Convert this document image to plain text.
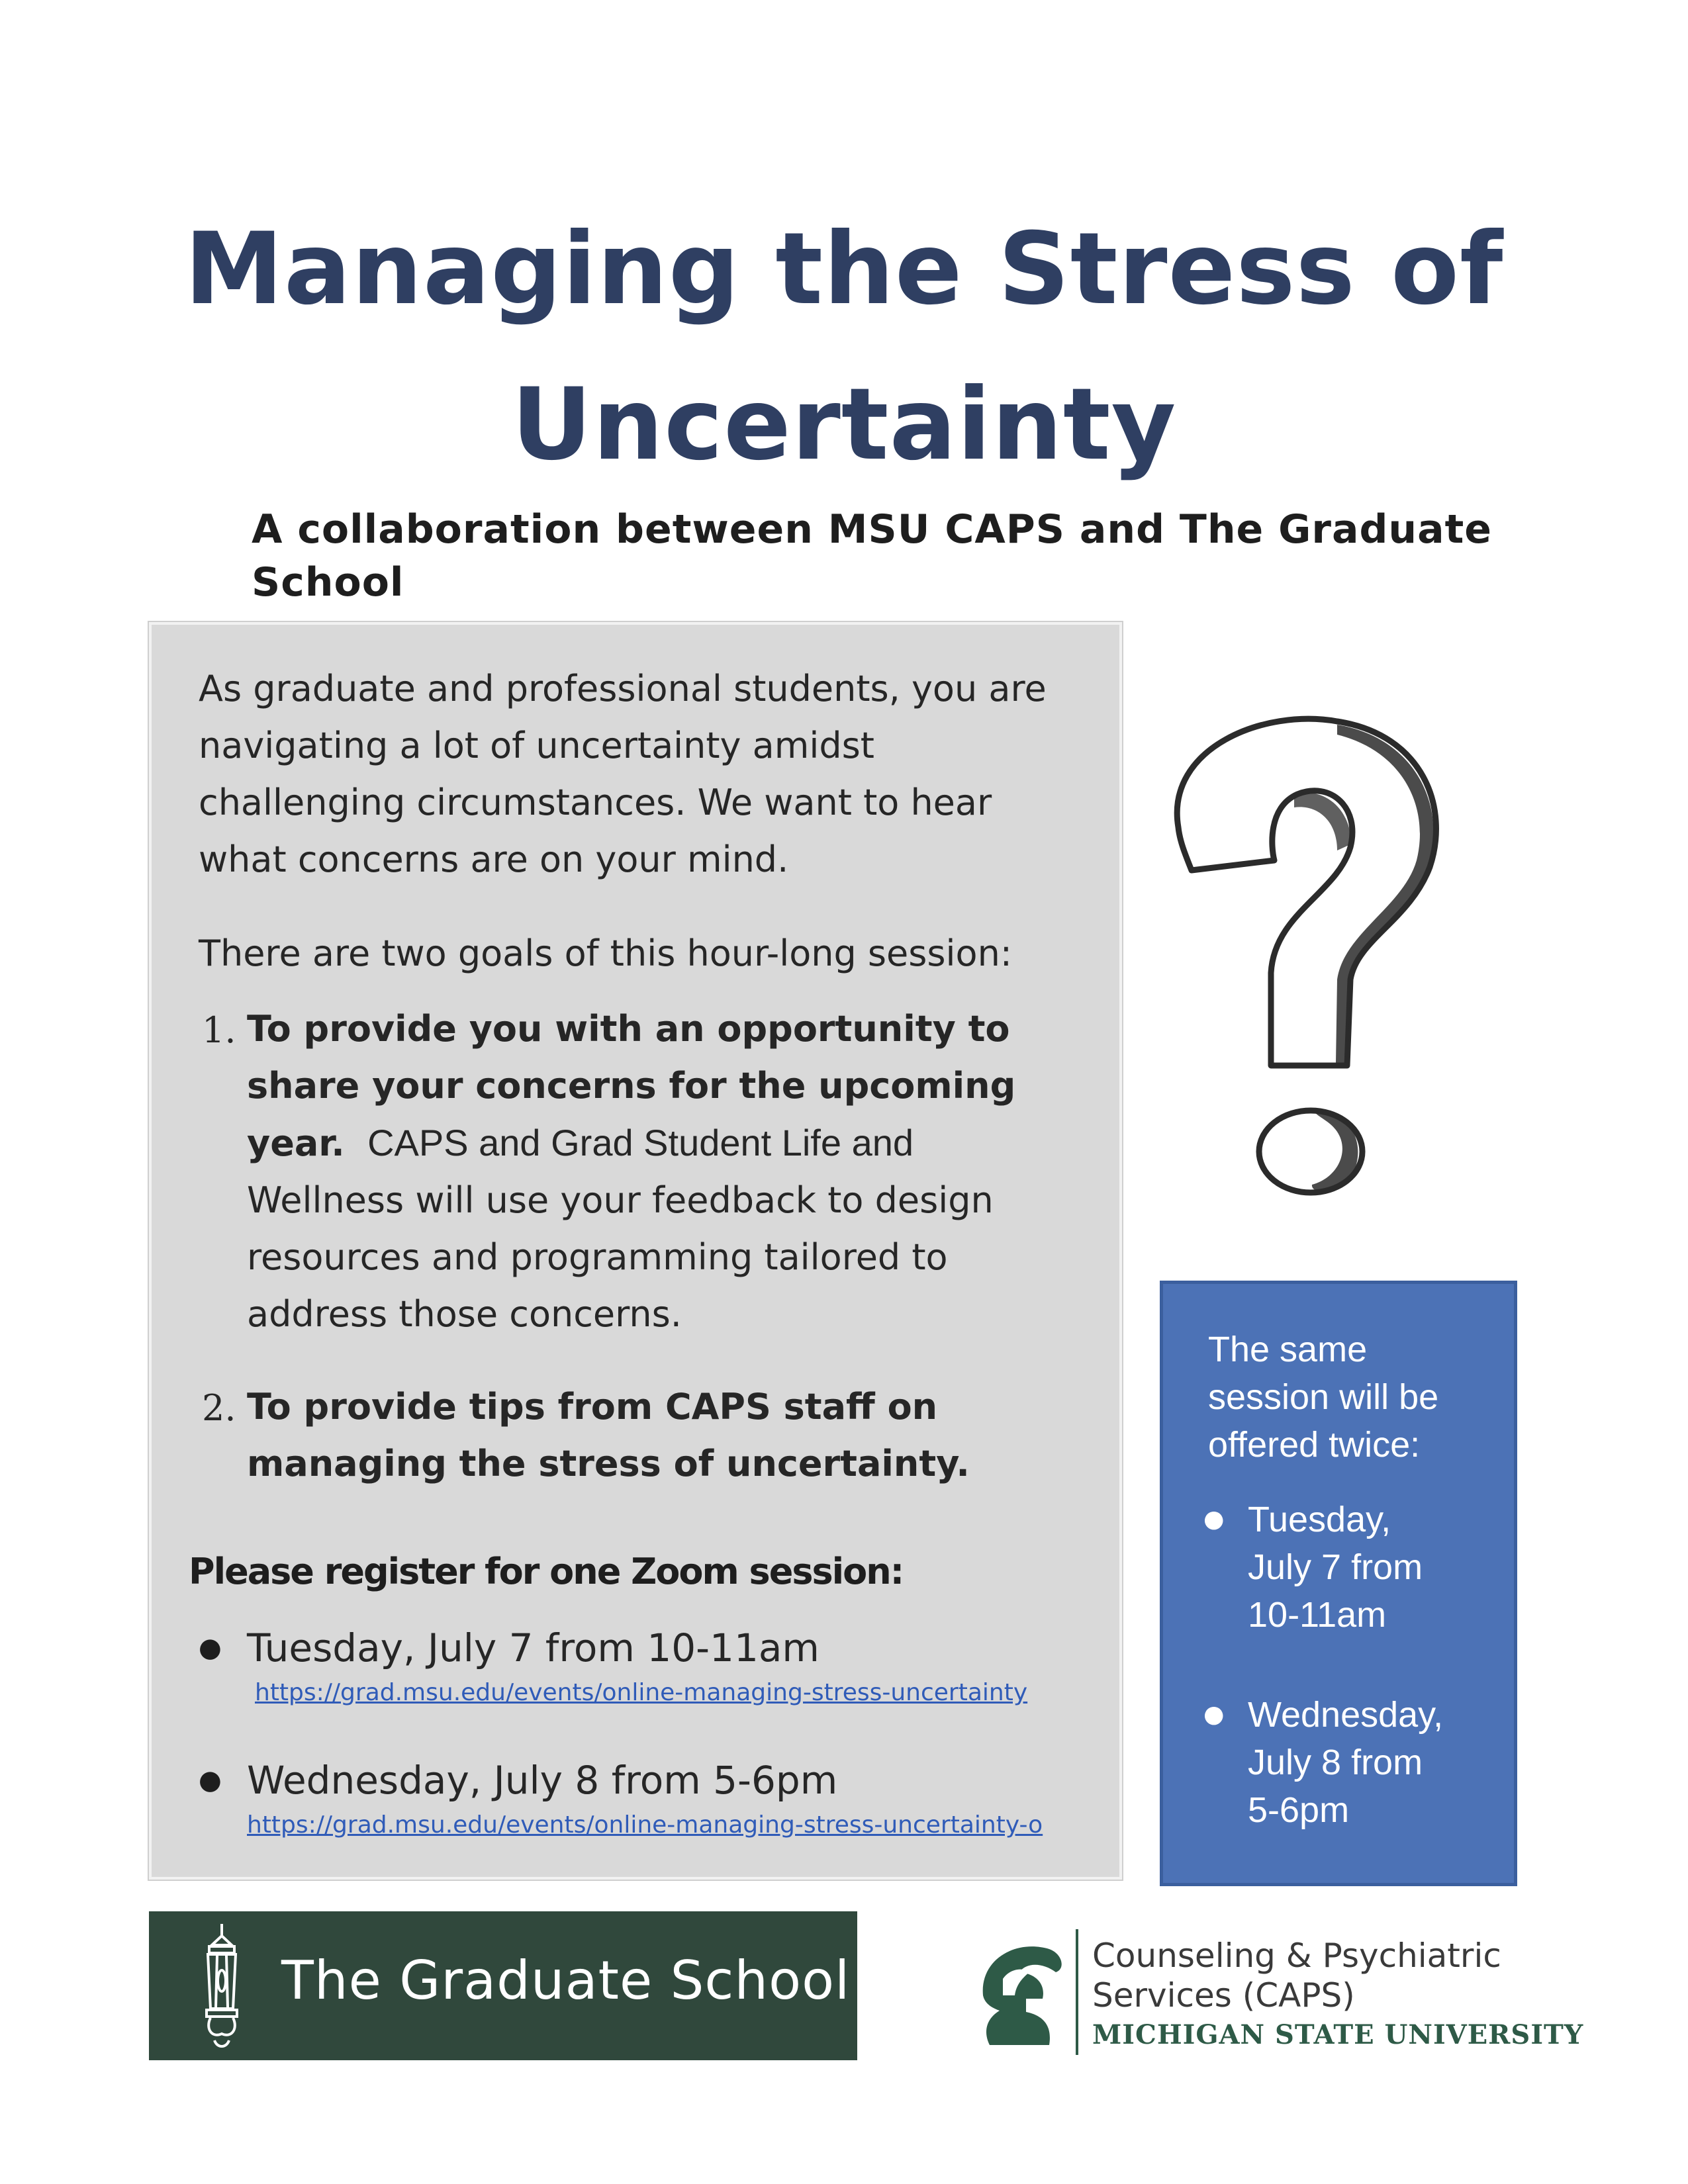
Managing the Stress of
Uncertainty
A collaboration between MSU CAPS and The Graduate School
As graduate and professional students, you are
navigating a lot of uncertainty amidst
challenging circumstances. We want to hear
what concerns are on your mind.
There are two goals of this hour-long session:
1. To provide you with an opportunity to
share your concerns for the upcoming
year. CAPS and Grad Student Life and
Wellness will use your feedback to design
resources and programming tailored to
address those concerns.
2. To provide tips from CAPS staff on
managing the stress of uncertainty.
Please register for one Zoom session:
● Tuesday, July 7 from 10-11am
https://grad.msu.edu/events/online-managing-stress-uncertainty
● Wednesday, July 8 from 5-6pm
https://grad.msu.edu/events/online-managing-stress-uncertainty-o
The same
session will be
offered twice:
● Tuesday,
July 7 from
10-11am
● Wednesday,
July 8 from
5-6pm
The Graduate School	Counseling & Psychiatric
Services (CAPS)
MICHIGAN STATE UNIVERSITY
